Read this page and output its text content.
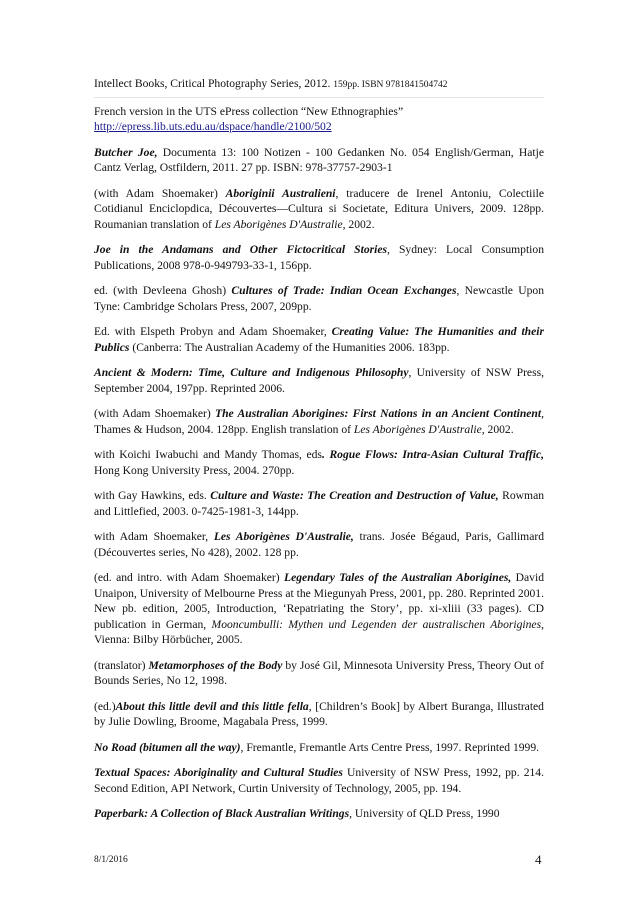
Intellect Books, Critical Photography Series, 2012. 159pp. ISBN 9781841504742
French version in the UTS ePress collection “New Ethnographies”
http://epress.lib.uts.edu.au/dspace/handle/2100/502
Butcher Joe, Documenta 13: 100 Notizen - 100 Gedanken No. 054 English/German, Hatje Cantz Verlag, Ostfildern, 2011. 27 pp. ISBN: 978-37757-2903-1
(with Adam Shoemaker) Aboriginii Australieni, traducere de Irenel Antoniu, Colectiile Cotidianul Enciclopdica, Découvertes—Cultura si Societate, Editura Univers, 2009. 128pp. Roumanian translation of Les Aborigènes D'Australie, 2002.
Joe in the Andamans and Other Fictocritical Stories, Sydney: Local Consumption Publications, 2008 978-0-949793-33-1, 156pp.
ed. (with Devleena Ghosh) Cultures of Trade: Indian Ocean Exchanges, Newcastle Upon Tyne: Cambridge Scholars Press, 2007, 209pp.
Ed. with Elspeth Probyn and Adam Shoemaker, Creating Value: The Humanities and their Publics (Canberra: The Australian Academy of the Humanities 2006. 183pp.
Ancient & Modern: Time, Culture and Indigenous Philosophy, University of NSW Press, September 2004, 197pp. Reprinted 2006.
(with Adam Shoemaker) The Australian Aborigines: First Nations in an Ancient Continent, Thames & Hudson, 2004. 128pp. English translation of Les Aborigènes D'Australie, 2002.
with Koichi Iwabuchi and Mandy Thomas, eds. Rogue Flows: Intra-Asian Cultural Traffic, Hong Kong University Press, 2004. 270pp.
with Gay Hawkins, eds. Culture and Waste: The Creation and Destruction of Value, Rowman and Littlefied, 2003. 0-7425-1981-3, 144pp.
with Adam Shoemaker, Les Aborigènes D'Australie, trans. Josée Bégaud, Paris, Gallimard (Découvertes series, No 428), 2002. 128 pp.
(ed. and intro. with Adam Shoemaker) Legendary Tales of the Australian Aborigines, David Unaipon, University of Melbourne Press at the Miegunyah Press, 2001, pp. 280. Reprinted 2001. New pb. edition, 2005, Introduction, ‘Repatriating the Story’, pp. xi-xliii (33 pages). CD publication in German, Mooncumbulli: Mythen und Legenden der australischen Aborigines, Vienna: Bilby Hörbücher, 2005.
(translator) Metamorphoses of the Body by José Gil, Minnesota University Press, Theory Out of Bounds Series, No 12, 1998.
(ed.)About this little devil and this little fella, [Children’s Book] by Albert Buranga, Illustrated by Julie Dowling, Broome, Magabala Press, 1999.
No Road (bitumen all the way), Fremantle, Fremantle Arts Centre Press, 1997. Reprinted 1999.
Textual Spaces: Aboriginality and Cultural Studies University of NSW Press, 1992, pp. 214. Second Edition, API Network, Curtin University of Technology, 2005, pp. 194.
Paperbark: A Collection of Black Australian Writings, University of QLD Press, 1990
8/1/2016	4
